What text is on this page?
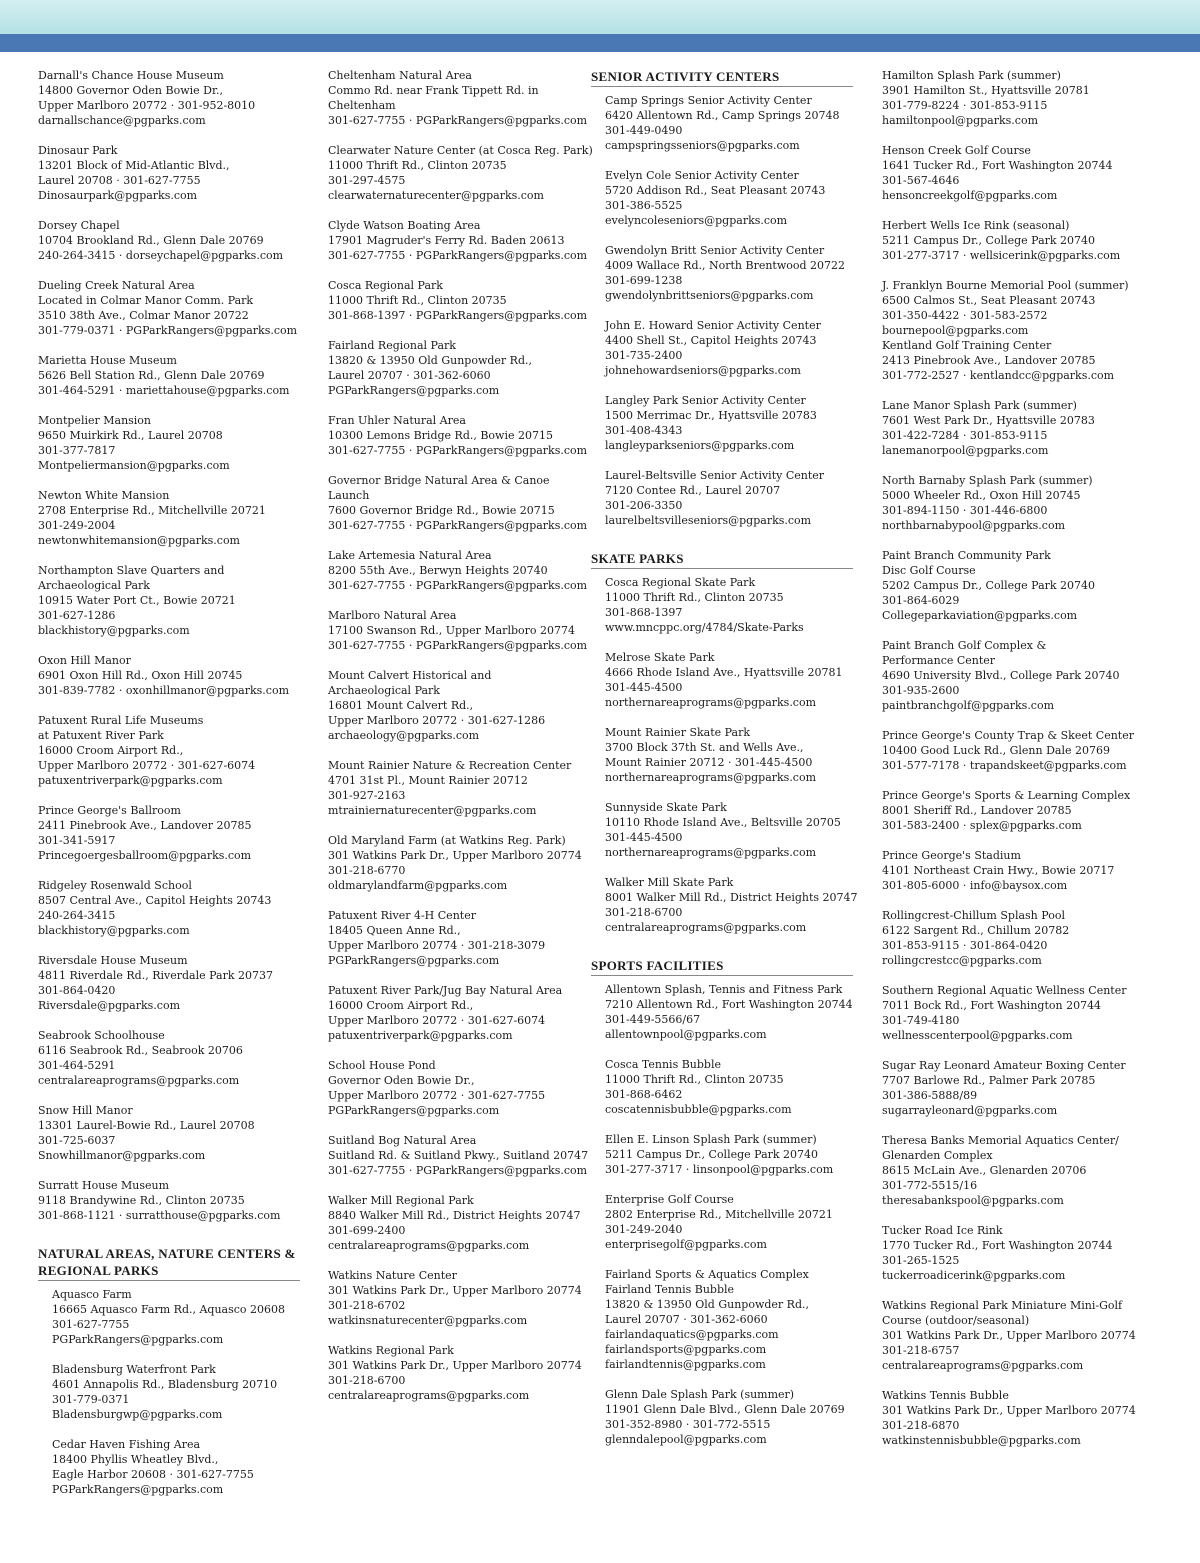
Darnall's Chance House Museum
14800 Governor Oden Bowie Dr.,
Upper Marlboro 20772 · 301-952-8010
darnallschance@pgparks.com
Dinosaur Park
13201 Block of Mid-Atlantic Blvd.,
Laurel 20708 · 301-627-7755
Dinosaurpark@pgparks.com
Dorsey Chapel
10704 Brookland Rd., Glenn Dale 20769
240-264-3415 · dorseychapel@pgparks.com
Dueling Creek Natural Area
Located in Colmar Manor Comm. Park
3510 38th Ave., Colmar Manor 20722
301-779-0371 · PGParkRangers@pgparks.com
Marietta House Museum
5626 Bell Station Rd., Glenn Dale 20769
301-464-5291 · mariettahouse@pgparks.com
Montpelier Mansion
9650 Muirkirk Rd., Laurel 20708
301-377-7817
Montpeliermansion@pgparks.com
Newton White Mansion
2708 Enterprise Rd., Mitchellville 20721
301-249-2004
newtonwhitemansion@pgparks.com
Northampton Slave Quarters and
Archaeological Park
10915 Water Port Ct., Bowie 20721
301-627-1286
blackhistory@pgparks.com
Oxon Hill Manor
6901 Oxon Hill Rd., Oxon Hill 20745
301-839-7782 · oxonhillmanor@pgparks.com
Patuxent Rural Life Museums
at Patuxent River Park
16000 Croom Airport Rd.,
Upper Marlboro 20772 · 301-627-6074
patuxentriverpark@pgparks.com
Prince George's Ballroom
2411 Pinebrook Ave., Landover 20785
301-341-5917
Princegoergesballroom@pgparks.com
Ridgeley Rosenwald School
8507 Central Ave., Capitol Heights 20743
240-264-3415
blackhistory@pgparks.com
Riversdale House Museum
4811 Riverdale Rd., Riverdale Park 20737
301-864-0420
Riversdale@pgparks.com
Seabrook Schoolhouse
6116 Seabrook Rd., Seabrook 20706
301-464-5291
centralareaprograms@pgparks.com
Snow Hill Manor
13301 Laurel-Bowie Rd., Laurel 20708
301-725-6037
Snowhillmanor@pgparks.com
Surratt House Museum
9118 Brandywine Rd., Clinton 20735
301-868-1121 · surratthouse@pgparks.com
NATURAL AREAS, NATURE CENTERS & REGIONAL PARKS
Aquasco Farm
16665 Aquasco Farm Rd., Aquasco 20608
301-627-7755
PGParkRangers@pgparks.com
Bladensburg Waterfront Park
4601 Annapolis Rd., Bladensburg 20710
301-779-0371
Bladensburgwp@pgparks.com
Cedar Haven Fishing Area
18400 Phyllis Wheatley Blvd.,
Eagle Harbor 20608 · 301-627-7755
PGParkRangers@pgparks.com
Cheltenham Natural Area
Commo Rd. near Frank Tippett Rd. in
Cheltenham
301-627-7755 · PGParkRangers@pgparks.com
Clearwater Nature Center (at Cosca Reg. Park)
11000 Thrift Rd., Clinton 20735
301-297-4575
clearwaternaturecenter@pgparks.com
Clyde Watson Boating Area
17901 Magruder's Ferry Rd. Baden 20613
301-627-7755 · PGParkRangers@pgparks.com
Cosca Regional Park
11000 Thrift Rd., Clinton 20735
301-868-1397 · PGParkRangers@pgparks.com
Fairland Regional Park
13820 & 13950 Old Gunpowder Rd.,
Laurel 20707 · 301-362-6060
PGParkRangers@pgparks.com
Fran Uhler Natural Area
10300 Lemons Bridge Rd., Bowie 20715
301-627-7755 · PGParkRangers@pgparks.com
Governor Bridge Natural Area & Canoe
Launch
7600 Governor Bridge Rd., Bowie 20715
301-627-7755 · PGParkRangers@pgparks.com
Lake Artemesia Natural Area
8200 55th Ave., Berwyn Heights 20740
301-627-7755 · PGParkRangers@pgparks.com
Marlboro Natural Area
17100 Swanson Rd., Upper Marlboro 20774
301-627-7755 · PGParkRangers@pgparks.com
Mount Calvert Historical and
Archaeological Park
16801 Mount Calvert Rd.,
Upper Marlboro 20772 · 301-627-1286
archaeology@pgparks.com
Mount Rainier Nature & Recreation Center
4701 31st Pl., Mount Rainier 20712
301-927-2163
mtrainiernaturecenter@pgparks.com
Old Maryland Farm (at Watkins Reg. Park)
301 Watkins Park Dr., Upper Marlboro 20774
301-218-6770
oldmarylandfarm@pgparks.com
Patuxent River 4-H Center
18405 Queen Anne Rd.,
Upper Marlboro 20774 · 301-218-3079
PGParkRangers@pgparks.com
Patuxent River Park/Jug Bay Natural Area
16000 Croom Airport Rd.,
Upper Marlboro 20772 · 301-627-6074
patuxentriverpark@pgparks.com
School House Pond
Governor Oden Bowie Dr.,
Upper Marlboro 20772 · 301-627-7755
PGParkRangers@pgparks.com
Suitland Bog Natural Area
Suitland Rd. & Suitland Pkwy., Suitland 20747
301-627-7755 · PGParkRangers@pgparks.com
Walker Mill Regional Park
8840 Walker Mill Rd., District Heights 20747
301-699-2400
centralareaprograms@pgparks.com
Watkins Nature Center
301 Watkins Park Dr., Upper Marlboro 20774
301-218-6702
watkinsnaturecenter@pgparks.com
Watkins Regional Park
301 Watkins Park Dr., Upper Marlboro 20774
301-218-6700
centralareaprograms@pgparks.com
SENIOR ACTIVITY CENTERS
Camp Springs Senior Activity Center
6420 Allentown Rd., Camp Springs 20748
301-449-0490
campspringsseniors@pgparks.com
Evelyn Cole Senior Activity Center
5720 Addison Rd., Seat Pleasant 20743
301-386-5525
evelyncoleseniors@pgparks.com
Gwendolyn Britt Senior Activity Center
4009 Wallace Rd., North Brentwood 20722
301-699-1238
gwendolynbrittseniors@pgparks.com
John E. Howard Senior Activity Center
4400 Shell St., Capitol Heights 20743
301-735-2400
johnehowardseniors@pgparks.com
Langley Park Senior Activity Center
1500 Merrimac Dr., Hyattsville 20783
301-408-4343
langleyparkseniors@pgparks.com
Laurel-Beltsville Senior Activity Center
7120 Contee Rd., Laurel 20707
301-206-3350
laurelbeltsvilleseniors@pgparks.com
SKATE PARKS
Cosca Regional Skate Park
11000 Thrift Rd., Clinton 20735
301-868-1397
www.mncppc.org/4784/Skate-Parks
Melrose Skate Park
4666 Rhode Island Ave., Hyattsville 20781
301-445-4500
northernareaprograms@pgparks.com
Mount Rainier Skate Park
3700 Block 37th St. and Wells Ave.,
Mount Rainier 20712 · 301-445-4500
northernareaprograms@pgparks.com
Sunnyside Skate Park
10110 Rhode Island Ave., Beltsville 20705
301-445-4500
northernareaprograms@pgparks.com
Walker Mill Skate Park
8001 Walker Mill Rd., District Heights 20747
301-218-6700
centralareaprograms@pgparks.com
SPORTS FACILITIES
Allentown Splash, Tennis and Fitness Park
7210 Allentown Rd., Fort Washington 20744
301-449-5566/67
allentownpool@pgparks.com
Cosca Tennis Bubble
11000 Thrift Rd., Clinton 20735
301-868-6462
coscatennisbubble@pgparks.com
Ellen E. Linson Splash Park (summer)
5211 Campus Dr., College Park 20740
301-277-3717 · linsonpool@pgparks.com
Enterprise Golf Course
2802 Enterprise Rd., Mitchellville 20721
301-249-2040
enterprisegolf@pgparks.com
Fairland Sports & Aquatics Complex
Fairland Tennis Bubble
13820 & 13950 Old Gunpowder Rd.,
Laurel 20707 · 301-362-6060
fairlandaquatics@pgparks.com
fairlandsports@pgparks.com
fairlandtennis@pgparks.com
Glenn Dale Splash Park (summer)
11901 Glenn Dale Blvd., Glenn Dale 20769
301-352-8980 · 301-772-5515
glenndalepool@pgparks.com
Hamilton Splash Park (summer)
3901 Hamilton St., Hyattsville 20781
301-779-8224 · 301-853-9115
hamiltonpool@pgparks.com
Henson Creek Golf Course
1641 Tucker Rd., Fort Washington 20744
301-567-4646
hensoncreekgolf@pgparks.com
Herbert Wells Ice Rink (seasonal)
5211 Campus Dr., College Park 20740
301-277-3717 · wellsicerink@pgparks.com
J. Franklyn Bourne Memorial Pool (summer)
6500 Calmos St., Seat Pleasant 20743
301-350-4422 · 301-583-2572
bournepool@pgparks.com
Kentland Golf Training Center
2413 Pinebrook Ave., Landover 20785
301-772-2527 · kentlandcc@pgparks.com
Lane Manor Splash Park (summer)
7601 West Park Dr., Hyattsville 20783
301-422-7284 · 301-853-9115
lanemanorpool@pgparks.com
North Barnaby Splash Park (summer)
5000 Wheeler Rd., Oxon Hill 20745
301-894-1150 · 301-446-6800
northbarnabypool@pgparks.com
Paint Branch Community Park
Disc Golf Course
5202 Campus Dr., College Park 20740
301-864-6029
Collegeparkaviation@pgparks.com
Paint Branch Golf Complex &
Performance Center
4690 University Blvd., College Park 20740
301-935-2600
paintbranchgolf@pgparks.com
Prince George's County Trap & Skeet Center
10400 Good Luck Rd., Glenn Dale 20769
301-577-7178 · trapandskeet@pgparks.com
Prince George's Sports & Learning Complex
8001 Sheriff Rd., Landover 20785
301-583-2400 · splex@pgparks.com
Prince George's Stadium
4101 Northeast Crain Hwy., Bowie 20717
301-805-6000 · info@baysox.com
Rollingcrest-Chillum Splash Pool
6122 Sargent Rd., Chillum 20782
301-853-9115 · 301-864-0420
rollingcrestcc@pgparks.com
Southern Regional Aquatic Wellness Center
7011 Bock Rd., Fort Washington 20744
301-749-4180
wellnesscenterpool@pgparks.com
Sugar Ray Leonard Amateur Boxing Center
7707 Barlowe Rd., Palmer Park 20785
301-386-5888/89
sugarrayleonard@pgparks.com
Theresa Banks Memorial Aquatics Center/
Glenarden Complex
8615 McLain Ave., Glenarden 20706
301-772-5515/16
theresabankspool@pgparks.com
Tucker Road Ice Rink
1770 Tucker Rd., Fort Washington 20744
301-265-1525
tuckerroadicerink@pgparks.com
Watkins Regional Park Miniature Mini-Golf
Course (outdoor/seasonal)
301 Watkins Park Dr., Upper Marlboro 20774
301-218-6757
centralareaprograms@pgparks.com
Watkins Tennis Bubble
301 Watkins Park Dr., Upper Marlboro 20774
301-218-6870
watkinstennisbubble@pgparks.com
